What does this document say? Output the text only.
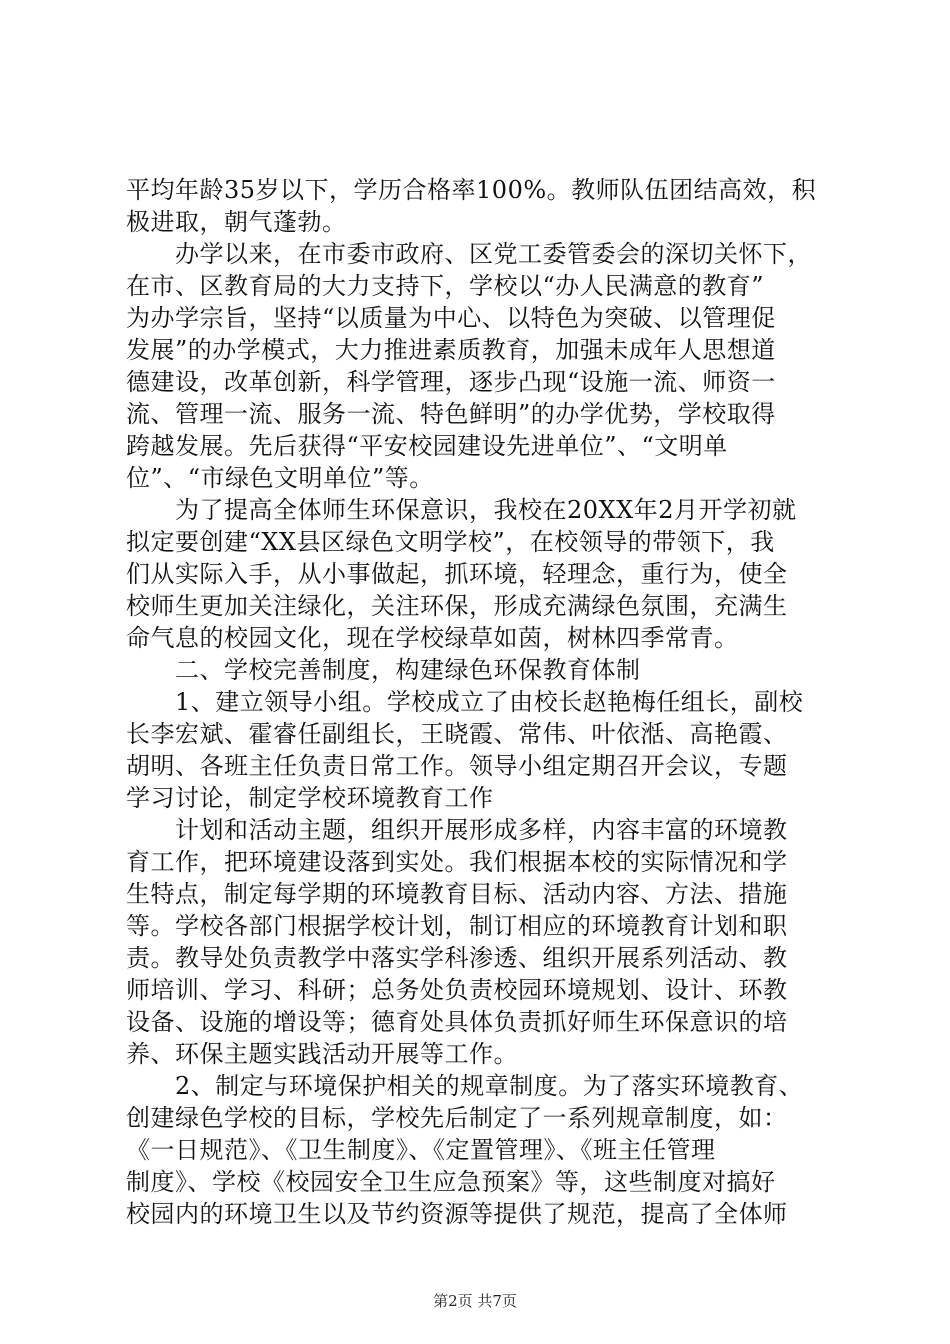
平均年龄35岁以下，学历合格率100%。教师队伍团结高效，积
极进取，朝气蓬勃。
　　办学以来，在市委市政府、区党工委管委会的深切关怀下，
在市、区教育局的大力支持下，学校以“办人民满意的教育”
为办学宗旨，坚持“以质量为中心、以特色为突破、以管理促
发展”的办学模式，大力推进素质教育，加强未成年人思想道
德建设，改革创新，科学管理，逐步凸现“设施一流、师资一
流、管理一流、服务一流、特色鲜明”的办学优势，学校取得
跨越发展。先后获得“平安校园建设先进单位”、“文明单
位”、“市绿色文明单位”等。
　　为了提高全体师生环保意识，我校在20XX年2月开学初就
拟定要创建“XX县区绿色文明学校”，在校领导的带领下，我
们从实际入手，从小事做起，抓环境，轻理念，重行为，使全
校师生更加关注绿化，关注环保，形成充满绿色氛围，充满生
命气息的校园文化，现在学校绿草如茵，树林四季常青。
　　二、学校完善制度，构建绿色环保教育体制
　　1、建立领导小组。学校成立了由校长赵艳梅任组长，副校
长李宏斌、霍睿任副组长，王晓霞、常伟、叶依湉、高艳霞、
胡明、各班主任负责日常工作。领导小组定期召开会议，专题
学习讨论，制定学校环境教育工作
　　计划和活动主题，组织开展形成多样，内容丰富的环境教
育工作，把环境建设落到实处。我们根据本校的实际情况和学
生特点，制定每学期的环境教育目标、活动内容、方法、措施
等。学校各部门根据学校计划，制订相应的环境教育计划和职
责。教导处负责教学中落实学科渗透、组织开展系列活动、教
师培训、学习、科研；总务处负责校园环境规划、设计、环教
设备、设施的增设等；德育处具体负责抓好师生环保意识的培
养、环保主题实践活动开展等工作。
　　2、制定与环境保护相关的规章制度。为了落实环境教育、
创建绿色学校的目标，学校先后制定了一系列规章制度，如：
《一日规范》、《卫生制度》、《定置管理》、《班主任管理
制度》、学校《校园安全卫生应急预案》等，这些制度对搞好
校园内的环境卫生以及节约资源等提供了规范，提高了全体师
第2页 共7页
